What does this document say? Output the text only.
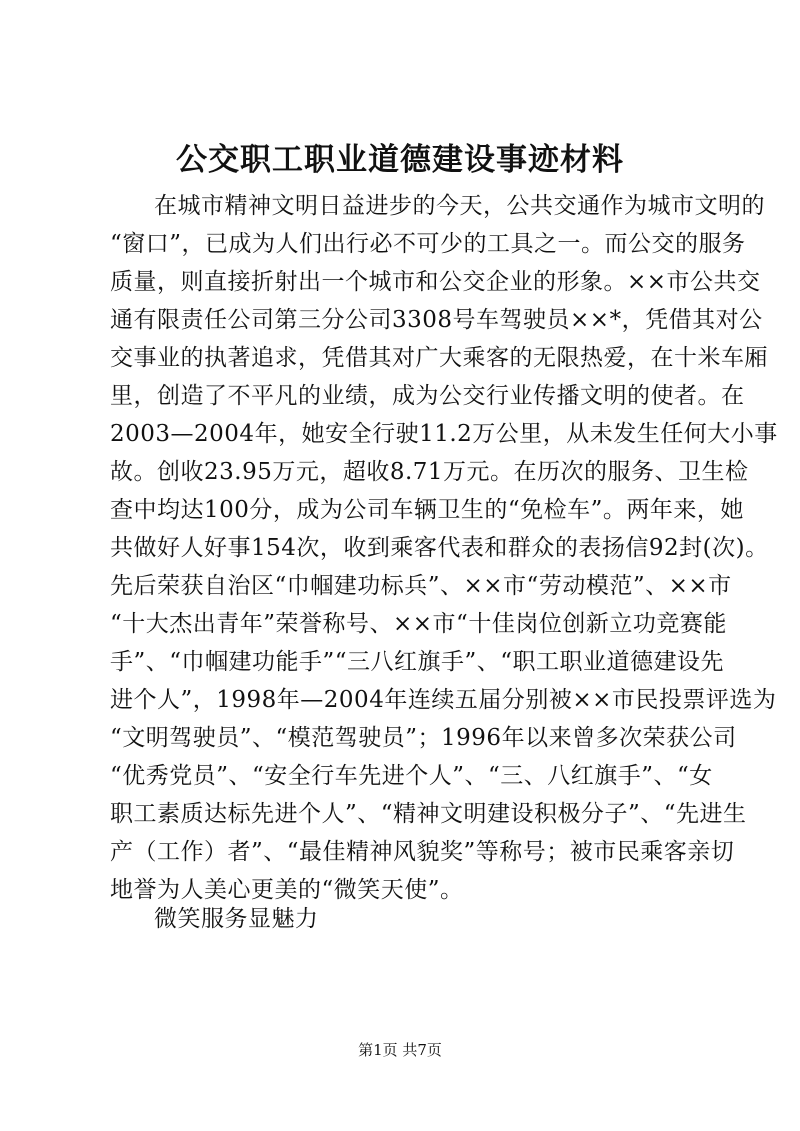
公交职工职业道德建设事迹材料
在城市精神文明日益进步的今天，公共交通作为城市文明的
“窗口”，已成为人们出行必不可少的工具之一。而公交的服务
质量，则直接折射出一个城市和公交企业的形象。××市公共交
通有限责任公司第三分公司3308号车驾驶员××*，凭借其对公
交事业的执著追求，凭借其对广大乘客的无限热爱，在十米车厢
里，创造了不平凡的业绩，成为公交行业传播文明的使者。在
2003—2004年，她安全行驶11.2万公里，从未发生任何大小事
故。创收23.95万元，超收8.71万元。在历次的服务、卫生检
查中均达100分，成为公司车辆卫生的“免检车”。两年来，她
共做好人好事154次，收到乘客代表和群众的表扬信92封(次)。
先后荣获自治区“巾帼建功标兵”、××市“劳动模范”、××市
“十大杰出青年”荣誉称号、××市“十佳岗位创新立功竞赛能
手”、“巾帼建功能手”“三八红旗手”、“职工职业道德建设先
进个人”，1998年—2004年连续五届分别被××市民投票评选为
“文明驾驶员”、“模范驾驶员”；1996年以来曾多次荣获公司
“优秀党员”、“安全行车先进个人”、“三、八红旗手”、“女
职工素质达标先进个人”、“精神文明建设积极分子”、“先进生
产（工作）者”、“最佳精神风貌奖”等称号；被市民乘客亲切
地誉为人美心更美的“微笑天使”。
微笑服务显魅力
第1页 共7页
